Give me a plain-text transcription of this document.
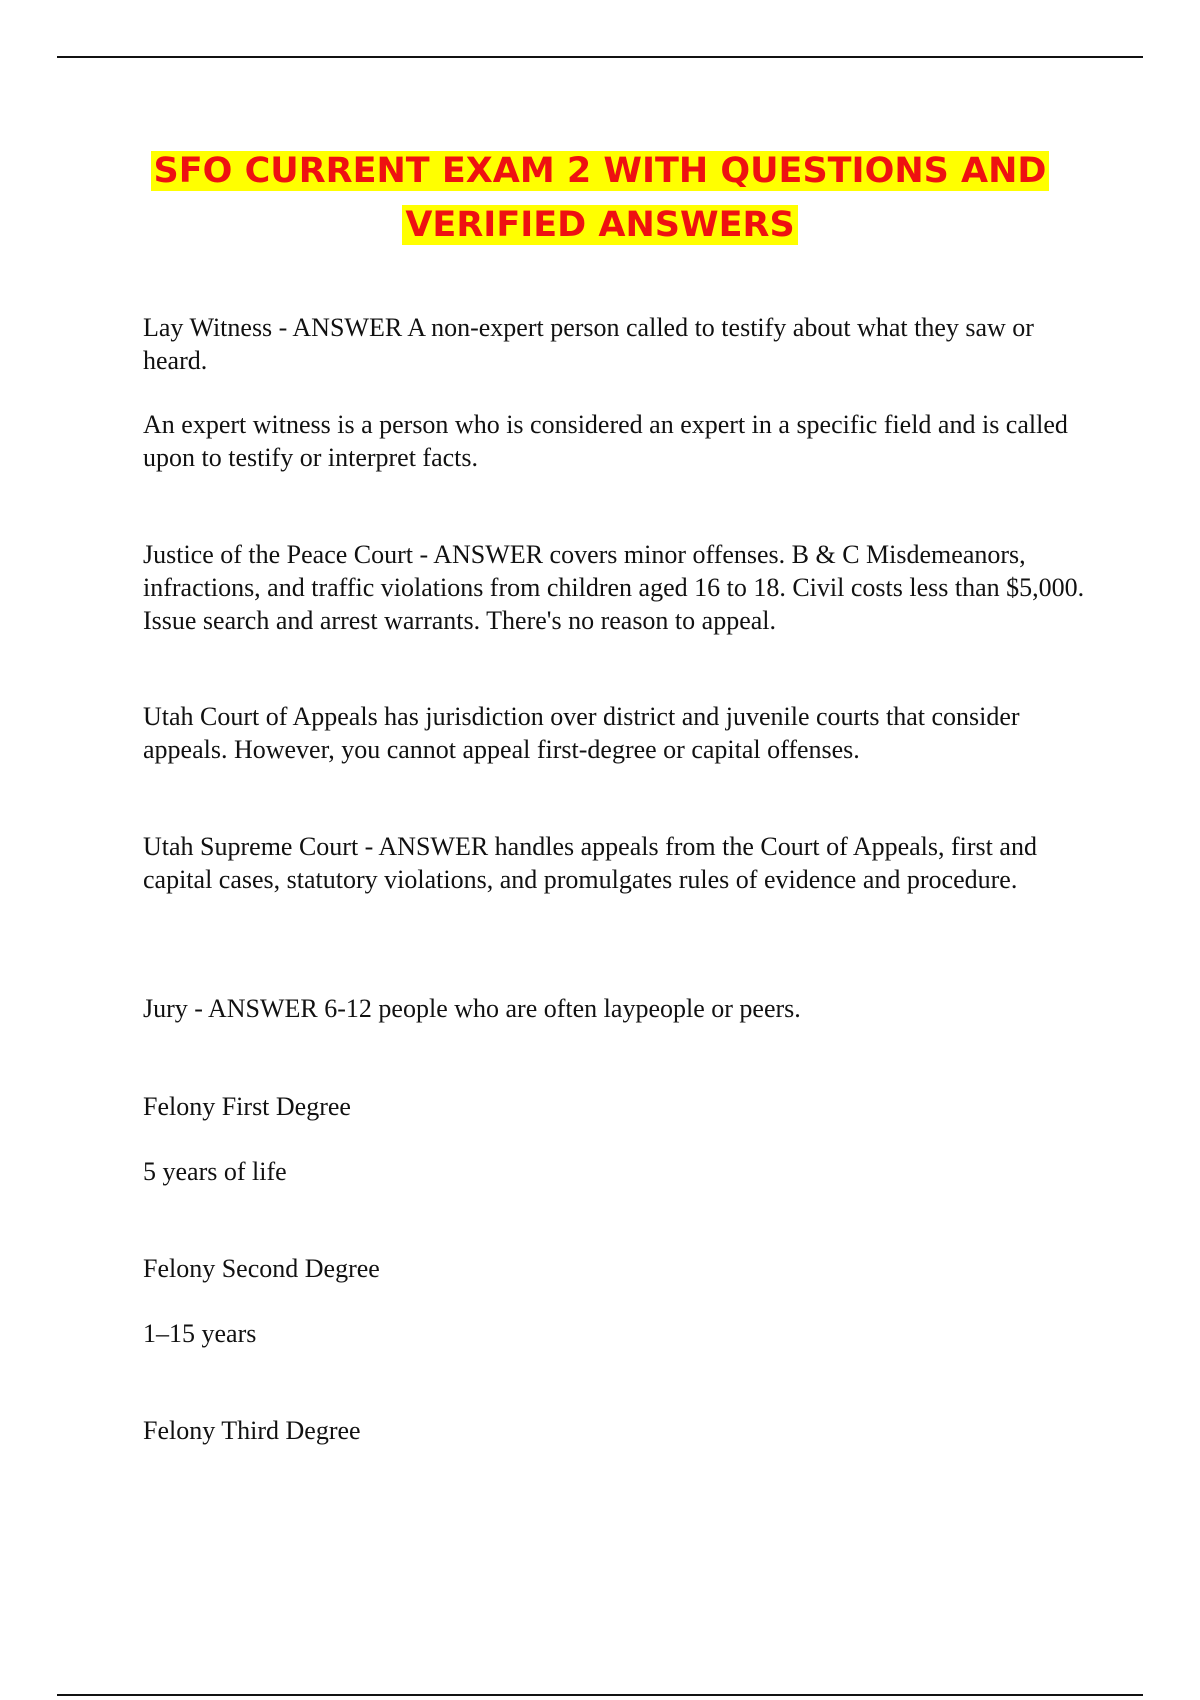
SFO CURRENT EXAM 2 WITH QUESTIONS AND
VERIFIED ANSWERS

Lay Witness - ANSWER A non-expert person called to testify about what they saw or heard.

An expert witness is a person who is considered an expert in a specific field and is called upon to testify or interpret facts.

Justice of the Peace Court - ANSWER covers minor offenses. B & C Misdemeanors, infractions, and traffic violations from children aged 16 to 18. Civil costs less than $5,000. Issue search and arrest warrants. There's no reason to appeal.

Utah Court of Appeals has jurisdiction over district and juvenile courts that consider appeals. However, you cannot appeal first-degree or capital offenses.

Utah Supreme Court - ANSWER handles appeals from the Court of Appeals, first and capital cases, statutory violations, and promulgates rules of evidence and procedure.

Jury - ANSWER 6-12 people who are often laypeople or peers.

Felony First Degree

5 years of life

Felony Second Degree

1–15 years

Felony Third Degree
